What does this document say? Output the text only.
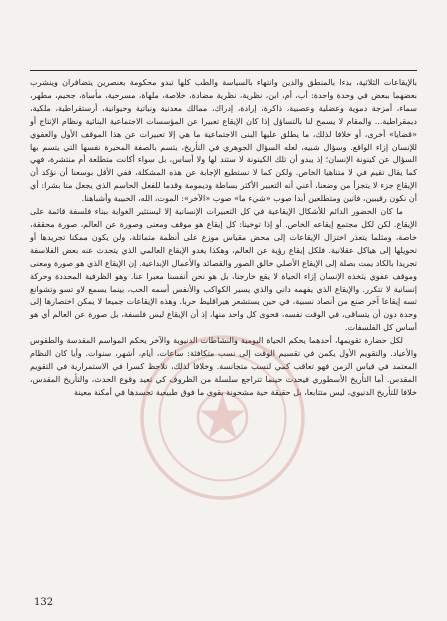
بالإيقاعات الثلاثية، بدءا بالمنطق والدين وانتهاء بالسياسة والطب كلها تبدو محكومة بعنصرين يتضافران وينشرب بعضهما ببعض في وحدة واحدة: أب، أم، ابن، نظرية، نظرية مضادة، خلاصة، ملهاة، مسرحية، مأساة، جحيم، مطهر، سماء، أمزجة دموية وعضلية وعصبية، ذاكرة، إرادة، إدراك، ممالك معدنية ونباتية وحيوانية، أرستقراطية، ملكية، ديمقراطية... والمقام لا يسمح لنا بالتساؤل إذا كان الإيقاع تعبيرا عن المؤسسات الاجتماعية البنائية ونظام الإنتاج أو «قضايا» أخرى، أو خلافا لذلك، ما يطلق عليها البنى الاجتماعية ما هي إلا تعبيرات عن هذا الموقف الأول والعفوي للإنسان إزاء الواقع. وسؤال شبيه، لعله السؤال الجوهري في التأريخ، يتسم بالصفة المحيرة نفسها التي يتسم بها السؤال عن كينونة الإنسان؛ إذ يبدو أن تلك الكينونة لا ستند لها ولا أساس، بل سواء أكانت متطلعة أم منتشرة، فهي كما يقال تقيم في لا متناهيا الخاص. ولكن كما لا نستطيع الإجابة عن هذه المشكلة، ففي الأقل بوسعنا أن نؤكد أن الإيقاع جزء لا يتجزأ من وضعنا، أعني أنه التعبير الأكثر بساطة وديمومة وقدما للفعل الحاسم الذي يجعل منا بشرا: أي أن نكون رقيبين، فانين ومتطلعين أبدا صوب «شيء ما» صوب «الآخر»: الموت، الله، الحبيبة وأشباهنا.

ما كان الحضور الدائم للأشكال الإيقاعية في كل التعبيرات الإنسانية إلا ليستثير الغواية ببناء فلسفة قائمة على الإيقاع. لكن لكل مجتمع إيقاعه الخاص. أو إذا توخينا: كل إيقاع هو موقف ومعنى وصورة عن العالم، صورة محققة، خاصة، ومثلما يتعذر اختزال الإيقاعات إلى محض مقياس موزع على أنظمة متماثلة، ولن يكون ممكنا تجريدها أو تحويلها إلى هياكل عقلانية. فلكل إيقاع رؤية عن العالم، وهكذا يغدو الإيقاع العالمي الذي يتحدث عنه بعض الفلاسفة تجريدا بالكاد يمت بصلة إلى الإيقاع الأصلي خالق الصور والقصائد والأعمال الإبداعية. إن الإيقاع الذي هو صورة ومعنى وموقف عفوي يتخذه الإنسان إزاء الحياة لا يقع خارجنا، بل هو نحن أنفسنا معبرا عنا. وهو الظرفية المحددة وحركة إنسانية لا تتكرر. والإيقاع الذي يفهمه داني والذي يسير الكواكب والأنفس أسمه الحب، بينما يسمع لاو تسو وتشوانغ تسه إيقاعا آخر صنع من أنصاد نسبية، في حين يستشعر هيراقليط حربا. وهذه الإيقاعات جميعا لا يمكن اختصارها إلى وحدة دون أن يتساقى، في الوقت نفسه، فحوى كل واحد منها، إذ أن الإيقاع ليس فلسفة، بل صورة عن العالم أي هو أساس كل الفلسفات.

لكل حضارة تقويمها، أحدهما يحكم الحياة اليومية والنشاطات الدنيوية والآخر يحكم المواسم المقدسة والطقوس والأعياد. والتقويم الأول يكمن في تقسيم الوقت إلى نسب متكافئة: ساعات، أيام، أشهر، سنوات. وأيا كان النظام المعتمد في قياس الزمن فهو تعاقب كمي لنسب متجانسة. وخلافا لذلك، تلاحظ كسرا في الاستمرارية في التقويم المقدس. أما التأريخ الأسطوري فيحدث حينما تتراجع سلسلة من الظروف كي تعيد وقوع الحدث، والتأريخ المقدس، خلافا للتأريخ الدنيوي، ليس متتابعا، بل حقيقة حية مشحونة بقوى ما فوق طبيعية تجسدها في أمكنة معينة

132
